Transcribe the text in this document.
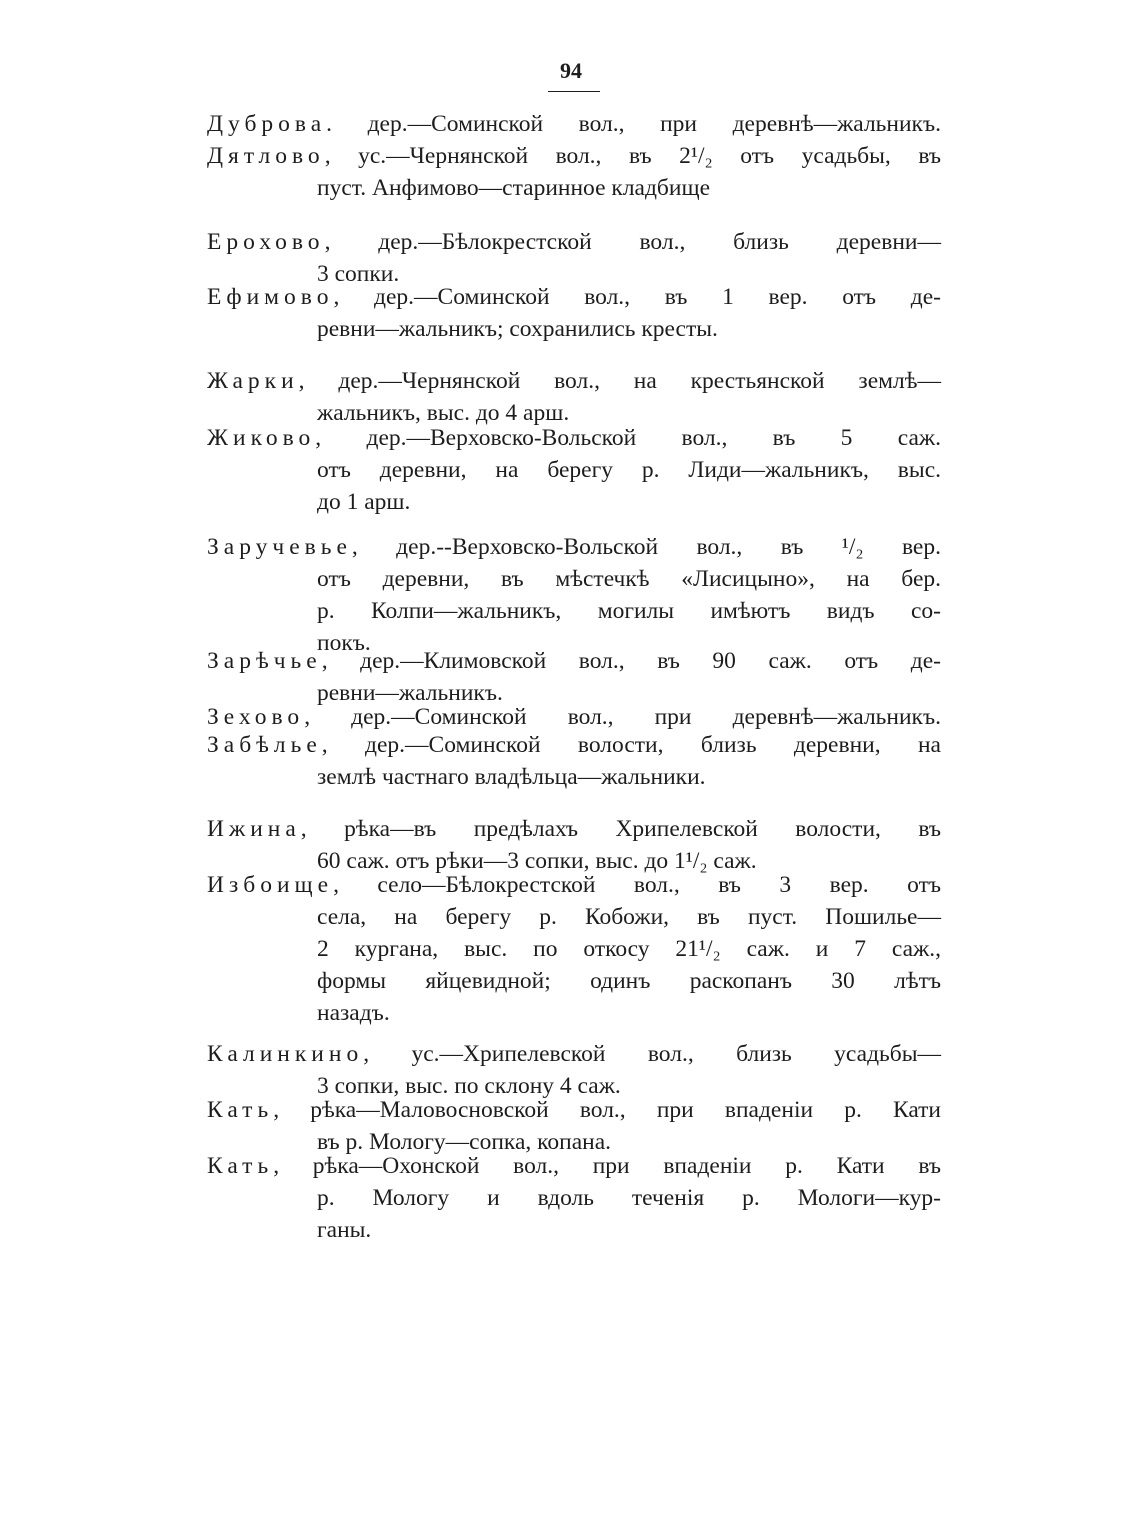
94
Дуброва. дер.—Соминской вол., при деревнѣ—жальникъ.
Дятлово, ус.—Чернянской вол., въ 2¹/₂ отъ усадьбы, въ
пуст. Анфимово—старинное кладбище
Ерохово, дер.—Бѣлокрестской вол., близь деревни—
3 сопки.
Ефимово, дер.—Соминской вол., въ 1 вер. отъ де-
ревни—жальникъ; сохранились кресты.
Жарки, дер.—Чернянской вол., на крестьянской землѣ—
жальникъ, выс. до 4 арш.
Жиково, дер.—Верховско-Вольской вол., въ 5 саж.
отъ деревни, на берегу р. Лиди—жальникъ, выс.
до 1 арш.
Заручевье, дер.--Верховско-Вольской вол., въ ¹/₂ вер.
отъ деревни, въ мѣстечкѣ «Лисицыно», на бер.
р. Колпи—жальникъ, могилы имѣютъ видъ со-
покъ.
Зарѣчье, дер.—Климовской вол., въ 90 саж. отъ де-
ревни—жальникъ.
Зехово, дер.—Соминской вол., при деревнѣ—жальникъ.
Забѣлье, дер.—Соминской волости, близь деревни, на
землѣ частнаго владѣльца—жальники.
Ижина, рѣка—въ предѣлахъ Хрипелевской волости, въ
60 саж. отъ рѣки—3 сопки, выс. до 1¹/₂ саж.
Избоище, село—Бѣлокрестской вол., въ 3 вер. отъ
села, на берегу р. Кобожи, въ пуст. Пошилье—
2 кургана, выс. по откосу 21¹/₂ саж. и 7 саж.,
формы яйцевидной; одинъ раскопанъ 30 лѣтъ
назадъ.
Калинкино, ус.—Хрипелевской вол., близь усадьбы—
3 сопки, выс. по склону 4 саж.
Кать, рѣка—Маловосновской вол., при впаденіи р. Кати
въ р. Мологу—сопка, копана.
Кать, рѣка—Охонской вол., при впаденіи р. Кати въ
р. Мологу и вдоль теченія р. Мологи—кур-
ганы.
